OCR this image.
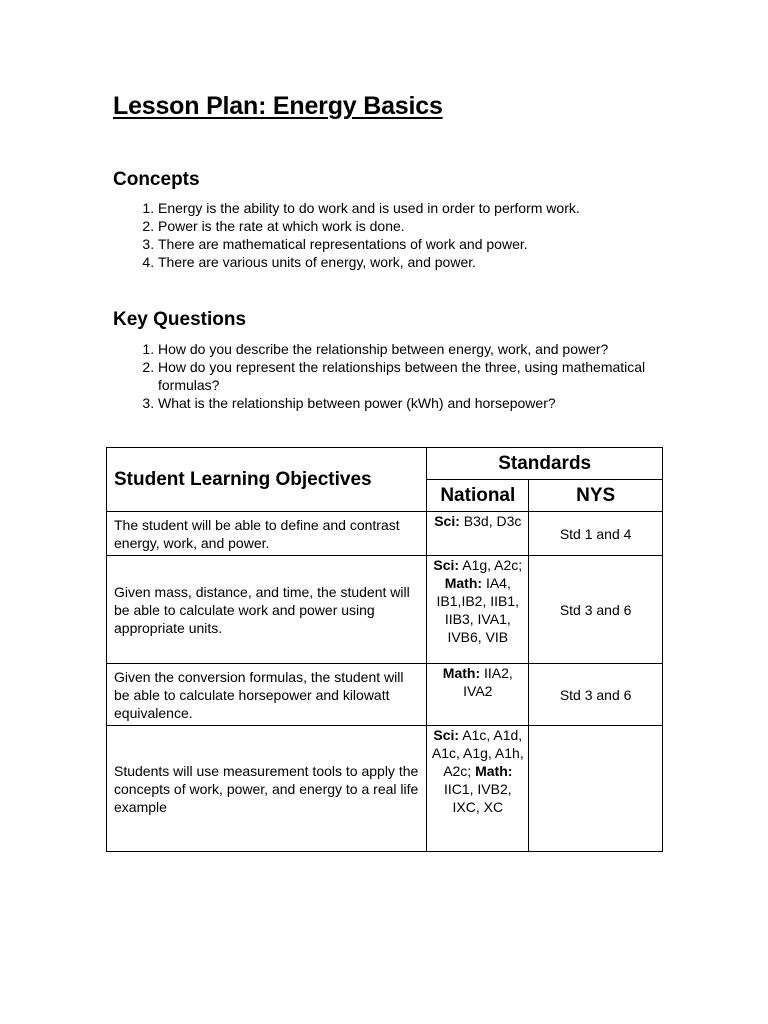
Lesson Plan: Energy Basics
Concepts
1. Energy is the ability to do work and is used in order to perform work.
2. Power is the rate at which work is done.
3. There are mathematical representations of work and power.
4. There are various units of energy, work, and power.
Key Questions
1. How do you describe the relationship between energy, work, and power?
2. How do you represent the relationships between the three, using mathematical formulas?
3. What is the relationship between power (kWh) and horsepower?
Student Learning Objectives	Standards	
	National	NYS
The student will be able to define and contrast energy, work, and power.	Sci: B3d, D3c	Std 1 and 4
Given mass, distance, and time, the student will be able to calculate work and power using appropriate units.	Sci: A1g, A2c; Math: IA4, IB1,IB2, IIB1, IIB3, IVA1, IVB6, VIB	Std 3 and 6
Given the conversion formulas, the student will be able to calculate horsepower and kilowatt equivalence.	Math: IIA2, IVA2	Std 3 and 6
Students will use measurement tools to apply the concepts of work, power, and energy to a real life example	Sci: A1c, A1d, A1c, A1g, A1h, A2c; Math: IIC1, IVB2, IXC, XC	
